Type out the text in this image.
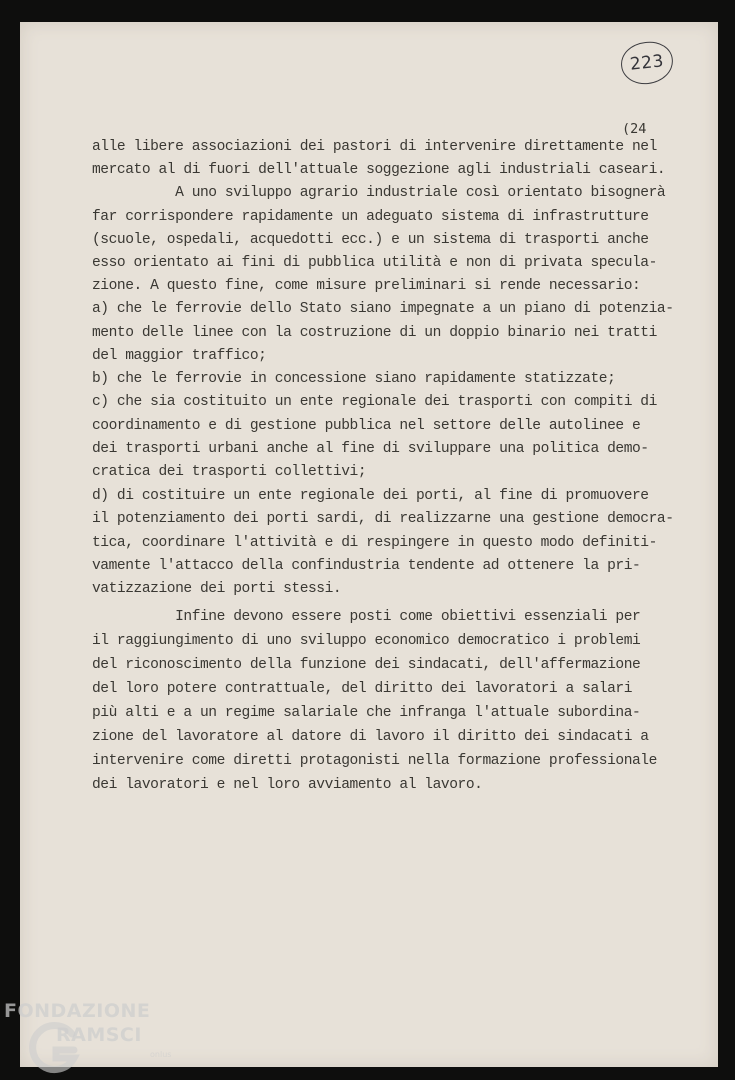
223
(24
alle libere associazioni dei pastori di intervenire direttamente nel
mercato al di fuori dell'attuale soggezione agli industriali caseari.
A uno sviluppo agrario industriale così orientato bisognerà
far corrispondere rapidamente un adeguato sistema di infrastrutture
(scuole, ospedali, acquedotti ecc.) e un sistema di trasporti anche
esso orientato ai fini di pubblica utilità e non di privata specula-
zione. A questo fine, come misure preliminari si rende necessario:
a) che le ferrovie dello Stato siano impegnate a un piano di potenzia-
mento delle linee con la costruzione di un doppio binario nei tratti
del maggior traffico;
b) che le ferrovie in concessione siano rapidamente statizzate;
c) che sia costituito un ente regionale dei trasporti con compiti di
coordinamento e di gestione pubblica nel settore delle autolinee e
dei trasporti urbani anche al fine di sviluppare una politica demo-
cratica dei trasporti collettivi;
d) di costituire un ente regionale dei porti, al fine di promuovere
il potenziamento dei porti sardi, di realizzarne una gestione democra-
tica, coordinare l'attività e di respingere in questo modo definiti-
vamente l'attacco della confindustria tendente ad ottenere la pri-
vatizzazione dei porti stessi.
Infine devono essere posti come obiettivi essenziali per
il raggiungimento di uno sviluppo economico democratico i problemi
del riconoscimento della funzione dei sindacati, dell'affermazione
del loro potere contrattuale, del diritto dei lavoratori a salari
più alti e a un regime salariale che infranga l'attuale subordina-
zione del lavoratore al datore di lavoro il diritto dei sindacati a
intervenire come diretti protagonisti nella formazione professionale
dei lavoratori e nel loro avviamento al lavoro.
FONDAZIONE
RAMSCI
onlus
